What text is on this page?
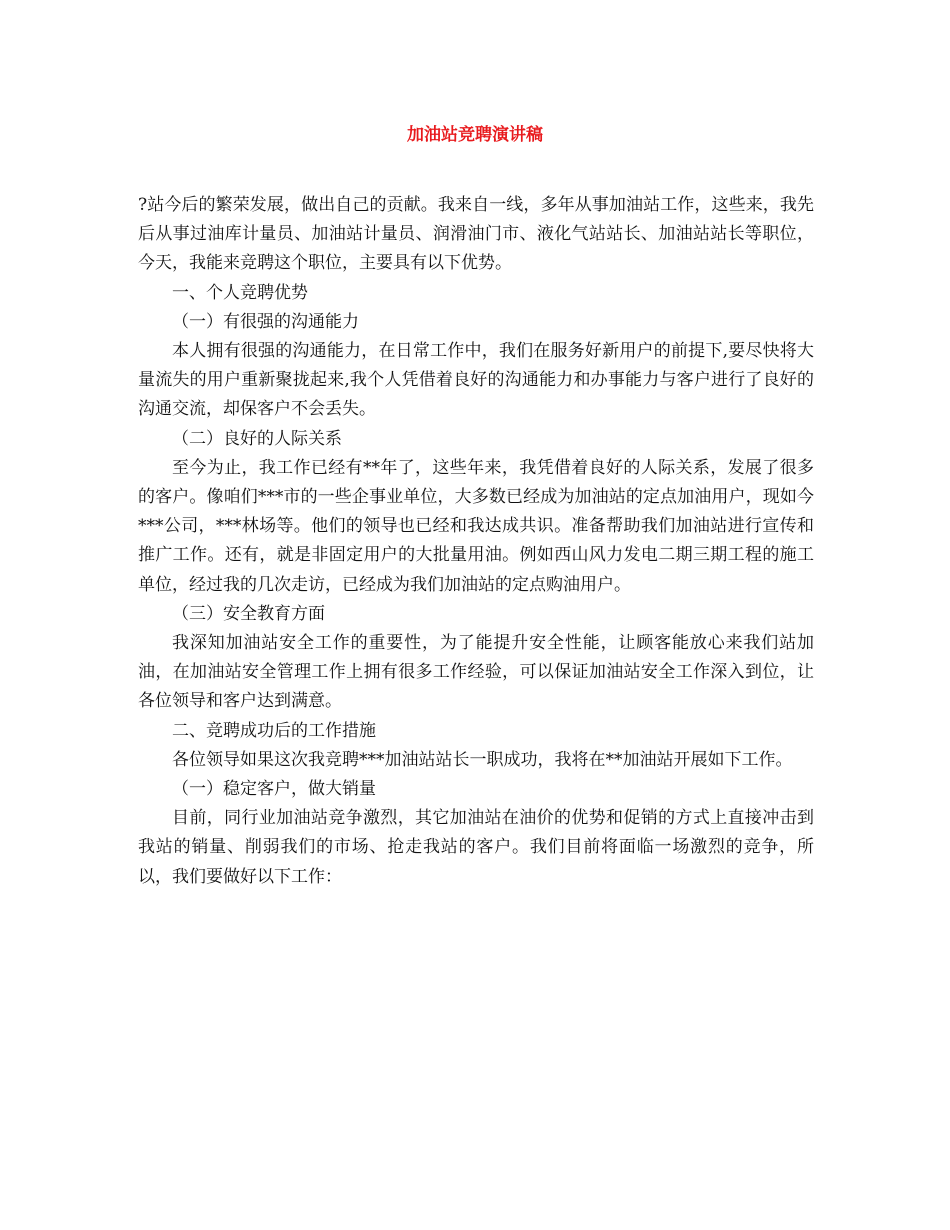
加油站竞聘演讲稿

?站今后的繁荣发展，做出自己的贡献。我来自一线，多年从事加油站工作，这些来，我先后从事过油库计量员、加油站计量员、润滑油门市、液化气站站长、加油站站长等职位，今天，我能来竞聘这个职位，主要具有以下优势。

一、个人竞聘优势

（一）有很强的沟通能力

本人拥有很强的沟通能力，在日常工作中，我们在服务好新用户的前提下,要尽快将大量流失的用户重新聚拢起来,我个人凭借着良好的沟通能力和办事能力与客户进行了良好的沟通交流，却保客户不会丢失。

（二）良好的人际关系

至今为止，我工作已经有**年了，这些年来，我凭借着良好的人际关系，发展了很多的客户。像咱们***市的一些企事业单位，大多数已经成为加油站的定点加油用户，现如今***公司，***林场等。他们的领导也已经和我达成共识。准备帮助我们加油站进行宣传和推广工作。还有，就是非固定用户的大批量用油。例如西山风力发电二期三期工程的施工单位，经过我的几次走访，已经成为我们加油站的定点购油用户。

（三）安全教育方面

我深知加油站安全工作的重要性，为了能提升安全性能，让顾客能放心来我们站加油，在加油站安全管理工作上拥有很多工作经验，可以保证加油站安全工作深入到位，让各位领导和客户达到满意。

二、竞聘成功后的工作措施

各位领导如果这次我竞聘***加油站站长一职成功，我将在**加油站开展如下工作。

（一）稳定客户，做大销量

目前，同行业加油站竞争激烈，其它加油站在油价的优势和促销的方式上直接冲击到我站的销量、削弱我们的市场、抢走我站的客户。我们目前将面临一场激烈的竞争，所以，我们要做好以下工作：
